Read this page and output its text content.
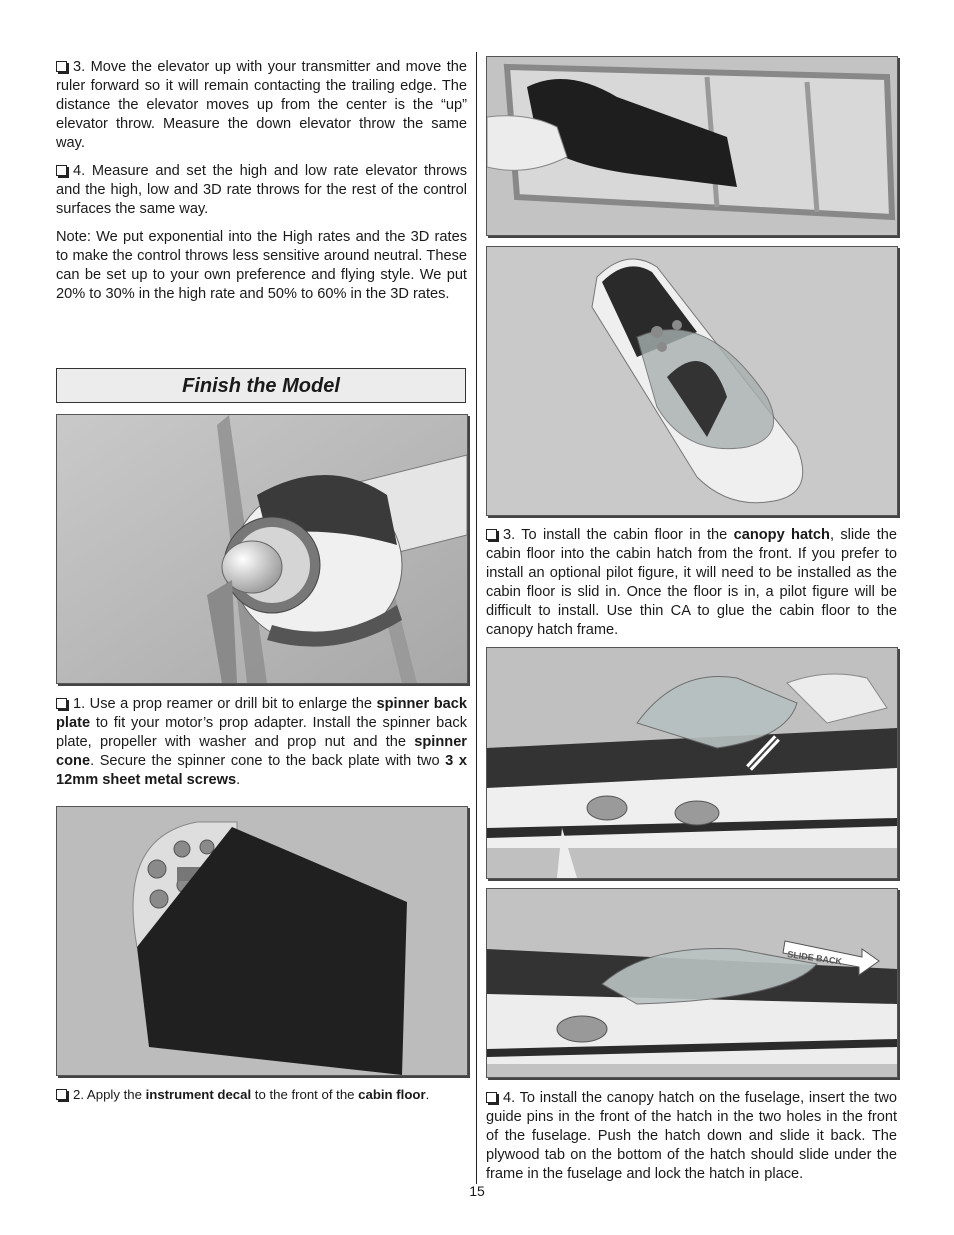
3. Move the elevator up with your transmitter and move the ruler forward so it will remain contacting the trailing edge. The distance the elevator moves up from the center is the “up” elevator throw. Measure the down elevator throw the same way.

4. Measure and set the high and low rate elevator throws and the high, low and 3D rate throws for the rest of the control surfaces the same way.

Note: We put exponential into the High rates and the 3D rates to make the control throws less sensitive around neutral. These can be set up to your own preference and flying style. We put 20% to 30% in the high rate and 50% to 60% in the 3D rates.

Finish the Model

1. Use a prop reamer or drill bit to enlarge the spinner back plate to fit your motor’s prop adapter. Install the spinner back plate, propeller with washer and prop nut and the spinner cone. Secure the spinner cone to the back plate with two 3 x 12mm sheet metal screws.

2. Apply the instrument decal to the front of the cabin floor.

3. To install the cabin floor in the canopy hatch, slide the cabin floor into the cabin hatch from the front. If you prefer to install an optional pilot figure, it will need to be installed as the cabin floor is slid in. Once the floor is in, a pilot figure will be difficult to install. Use thin CA to glue the cabin floor to the canopy hatch frame.

SLIDE BACK

4. To install the canopy hatch on the fuselage, insert the two guide pins in the front of the hatch in the two holes in the front of the fuselage. Push the hatch down and slide it back. The plywood tab on the bottom of the hatch should slide under the frame in the fuselage and lock the hatch in place.

15
